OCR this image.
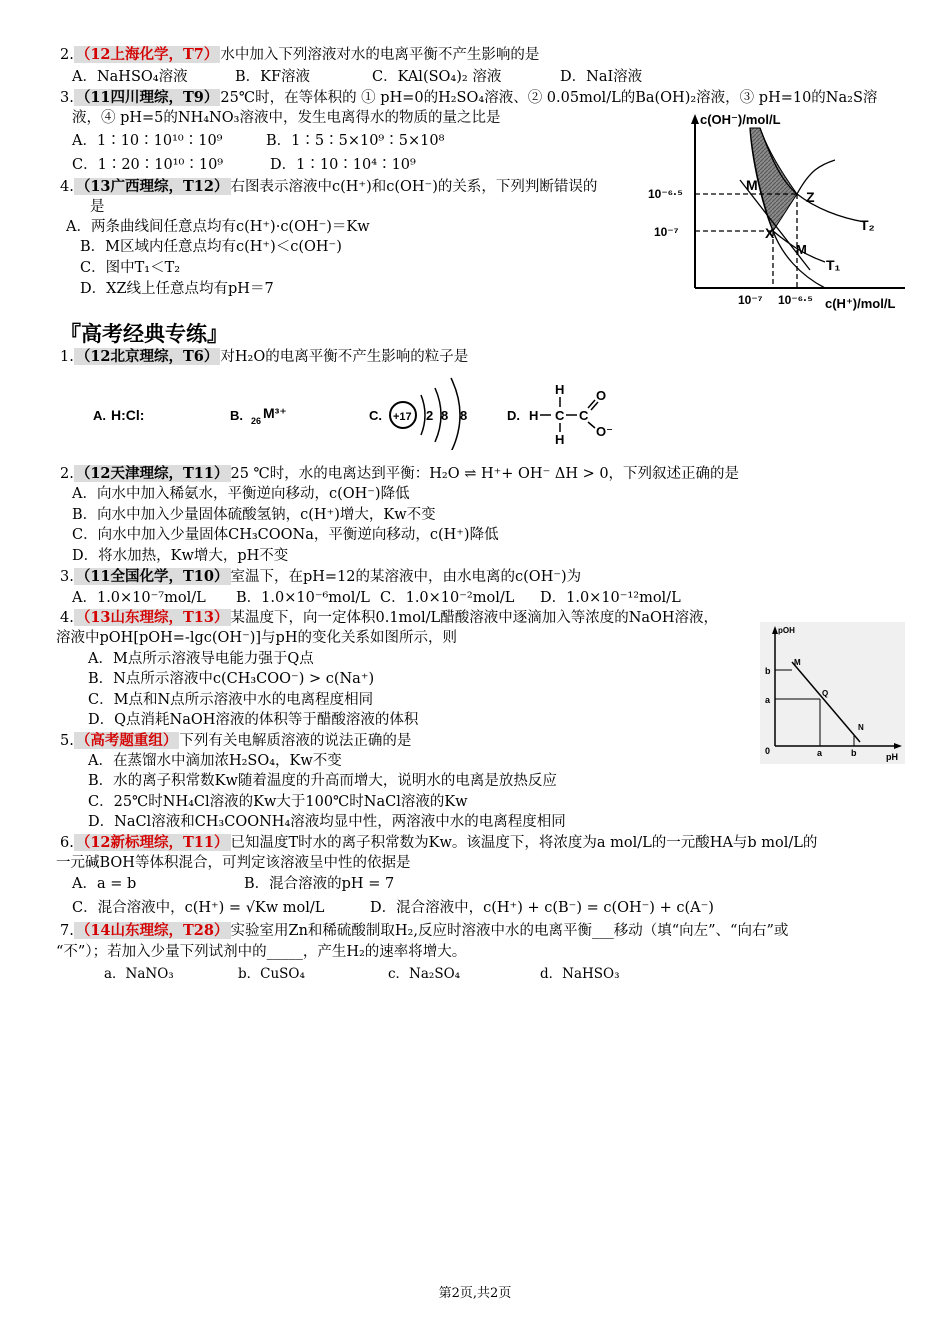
2. （12上海化学，T7） 水中加入下列溶液对水的电离平衡不产生影响的是
A．NaHSO₄溶液	B．KF溶液	C．KAl(SO₄)₂ 溶液	D．NaI溶液
3. （11四川理综，T9） 25℃时，在等体积的 ① pH=0的H₂SO₄溶液、② 0.05mol/L的Ba(OH)₂溶液，③ pH=10的Na₂S溶
液，④ pH=5的NH₄NO₃溶液中，发生电离得水的物质的量之比是
A．1∶10∶10¹⁰∶10⁹	B．1∶5∶5×10⁹∶5×10⁸
C．1∶20∶10¹⁰∶10⁹	D．1∶10∶10⁴∶10⁹
4. （13广西理综，T12） 右图表示溶液中c(H⁺)和c(OH⁻)的关系，下列判断错误的
是
A．两条曲线间任意点均有c(H⁺)·c(OH⁻)＝Kw
B．M区域内任意点均有c(H⁺)＜c(OH⁻)
C．图中T₁＜T₂
D．XZ线上任意点均有pH＝7
c(OH⁻)/mol/L
c(H⁺)/mol/L
10⁻⁶·⁵
10⁻⁷
10⁻⁷ 10⁻⁶·⁵
M
Z
X
M
T₂
T₁
『高考经典专练』
1. （12北京理综，T6） 对H₂O的电离平衡不产生影响的粒子是
A. H:Cl:	B. 26 M³⁺	C. +17 2 8 8	D.
H
H C C
O
O⁻
H
2. （12天津理综，T11） 25 ℃时，水的电离达到平衡：H₂O ⇌ H⁺+ OH⁻ ΔH > 0，下列叙述正确的是
A．向水中加入稀氨水，平衡逆向移动，c(OH⁻)降低
B．向水中加入少量固体硫酸氢钠，c(H⁺)增大，Kw不变
C．向水中加入少量固体CH₃COONa，平衡逆向移动，c(H⁺)降低
D．将水加热，Kw增大，pH不变
3. （11全国化学，T10） 室温下，在pH=12的某溶液中，由水电离的c(OH⁻)为
A．1.0×10⁻⁷mol/L B．1.0×10⁻⁶mol/L C．1.0×10⁻²mol/L D．1.0×10⁻¹²mol/L
4. （13山东理综，T13） 某温度下，向一定体积0.1mol/L醋酸溶液中逐滴加入等浓度的NaOH溶液，
溶液中pOH[pOH=-lgc(OH⁻)]与pH的变化关系如图所示，则
A．M点所示溶液导电能力强于Q点
B．N点所示溶液中c(CH₃COO⁻) > c(Na⁺)
C．M点和N点所示溶液中水的电离程度相同
D．Q点消耗NaOH溶液的体积等于醋酸溶液的体积
pOH
pH
0
b
a
a	b
M
Q
N
5. （高考题重组） 下列有关电解质溶液的说法正确的是
A．在蒸馏水中滴加浓H₂SO₄，Kw不变
B．水的离子积常数Kw随着温度的升高而增大，说明水的电离是放热反应
C．25℃时NH₄Cl溶液的Kw大于100℃时NaCl溶液的Kw
D．NaCl溶液和CH₃COONH₄溶液均显中性，两溶液中水的电离程度相同
6. （12新标理综，T11） 已知温度T时水的离子积常数为Kw。该温度下，将浓度为a mol/L的一元酸HA与b mol/L的
一元碱BOH等体积混合，可判定该溶液呈中性的依据是
A．a = b	B．混合溶液的pH = 7
C．混合溶液中，c(H⁺) = √Kw mol/L	D．混合溶液中，c(H⁺) + c(B⁻) = c(OH⁻) + c(A⁻)
7. （14山东理综，T28） 实验室用Zn和稀硫酸制取H₂,反应时溶液中水的电离平衡___移动（填“向左”、“向右”或
“不”）；若加入少量下列试剂中的_____，产生H₂的速率将增大。
a．NaNO₃	b．CuSO₄	c．Na₂SO₄	d．NaHSO₃
第2页,共2页
